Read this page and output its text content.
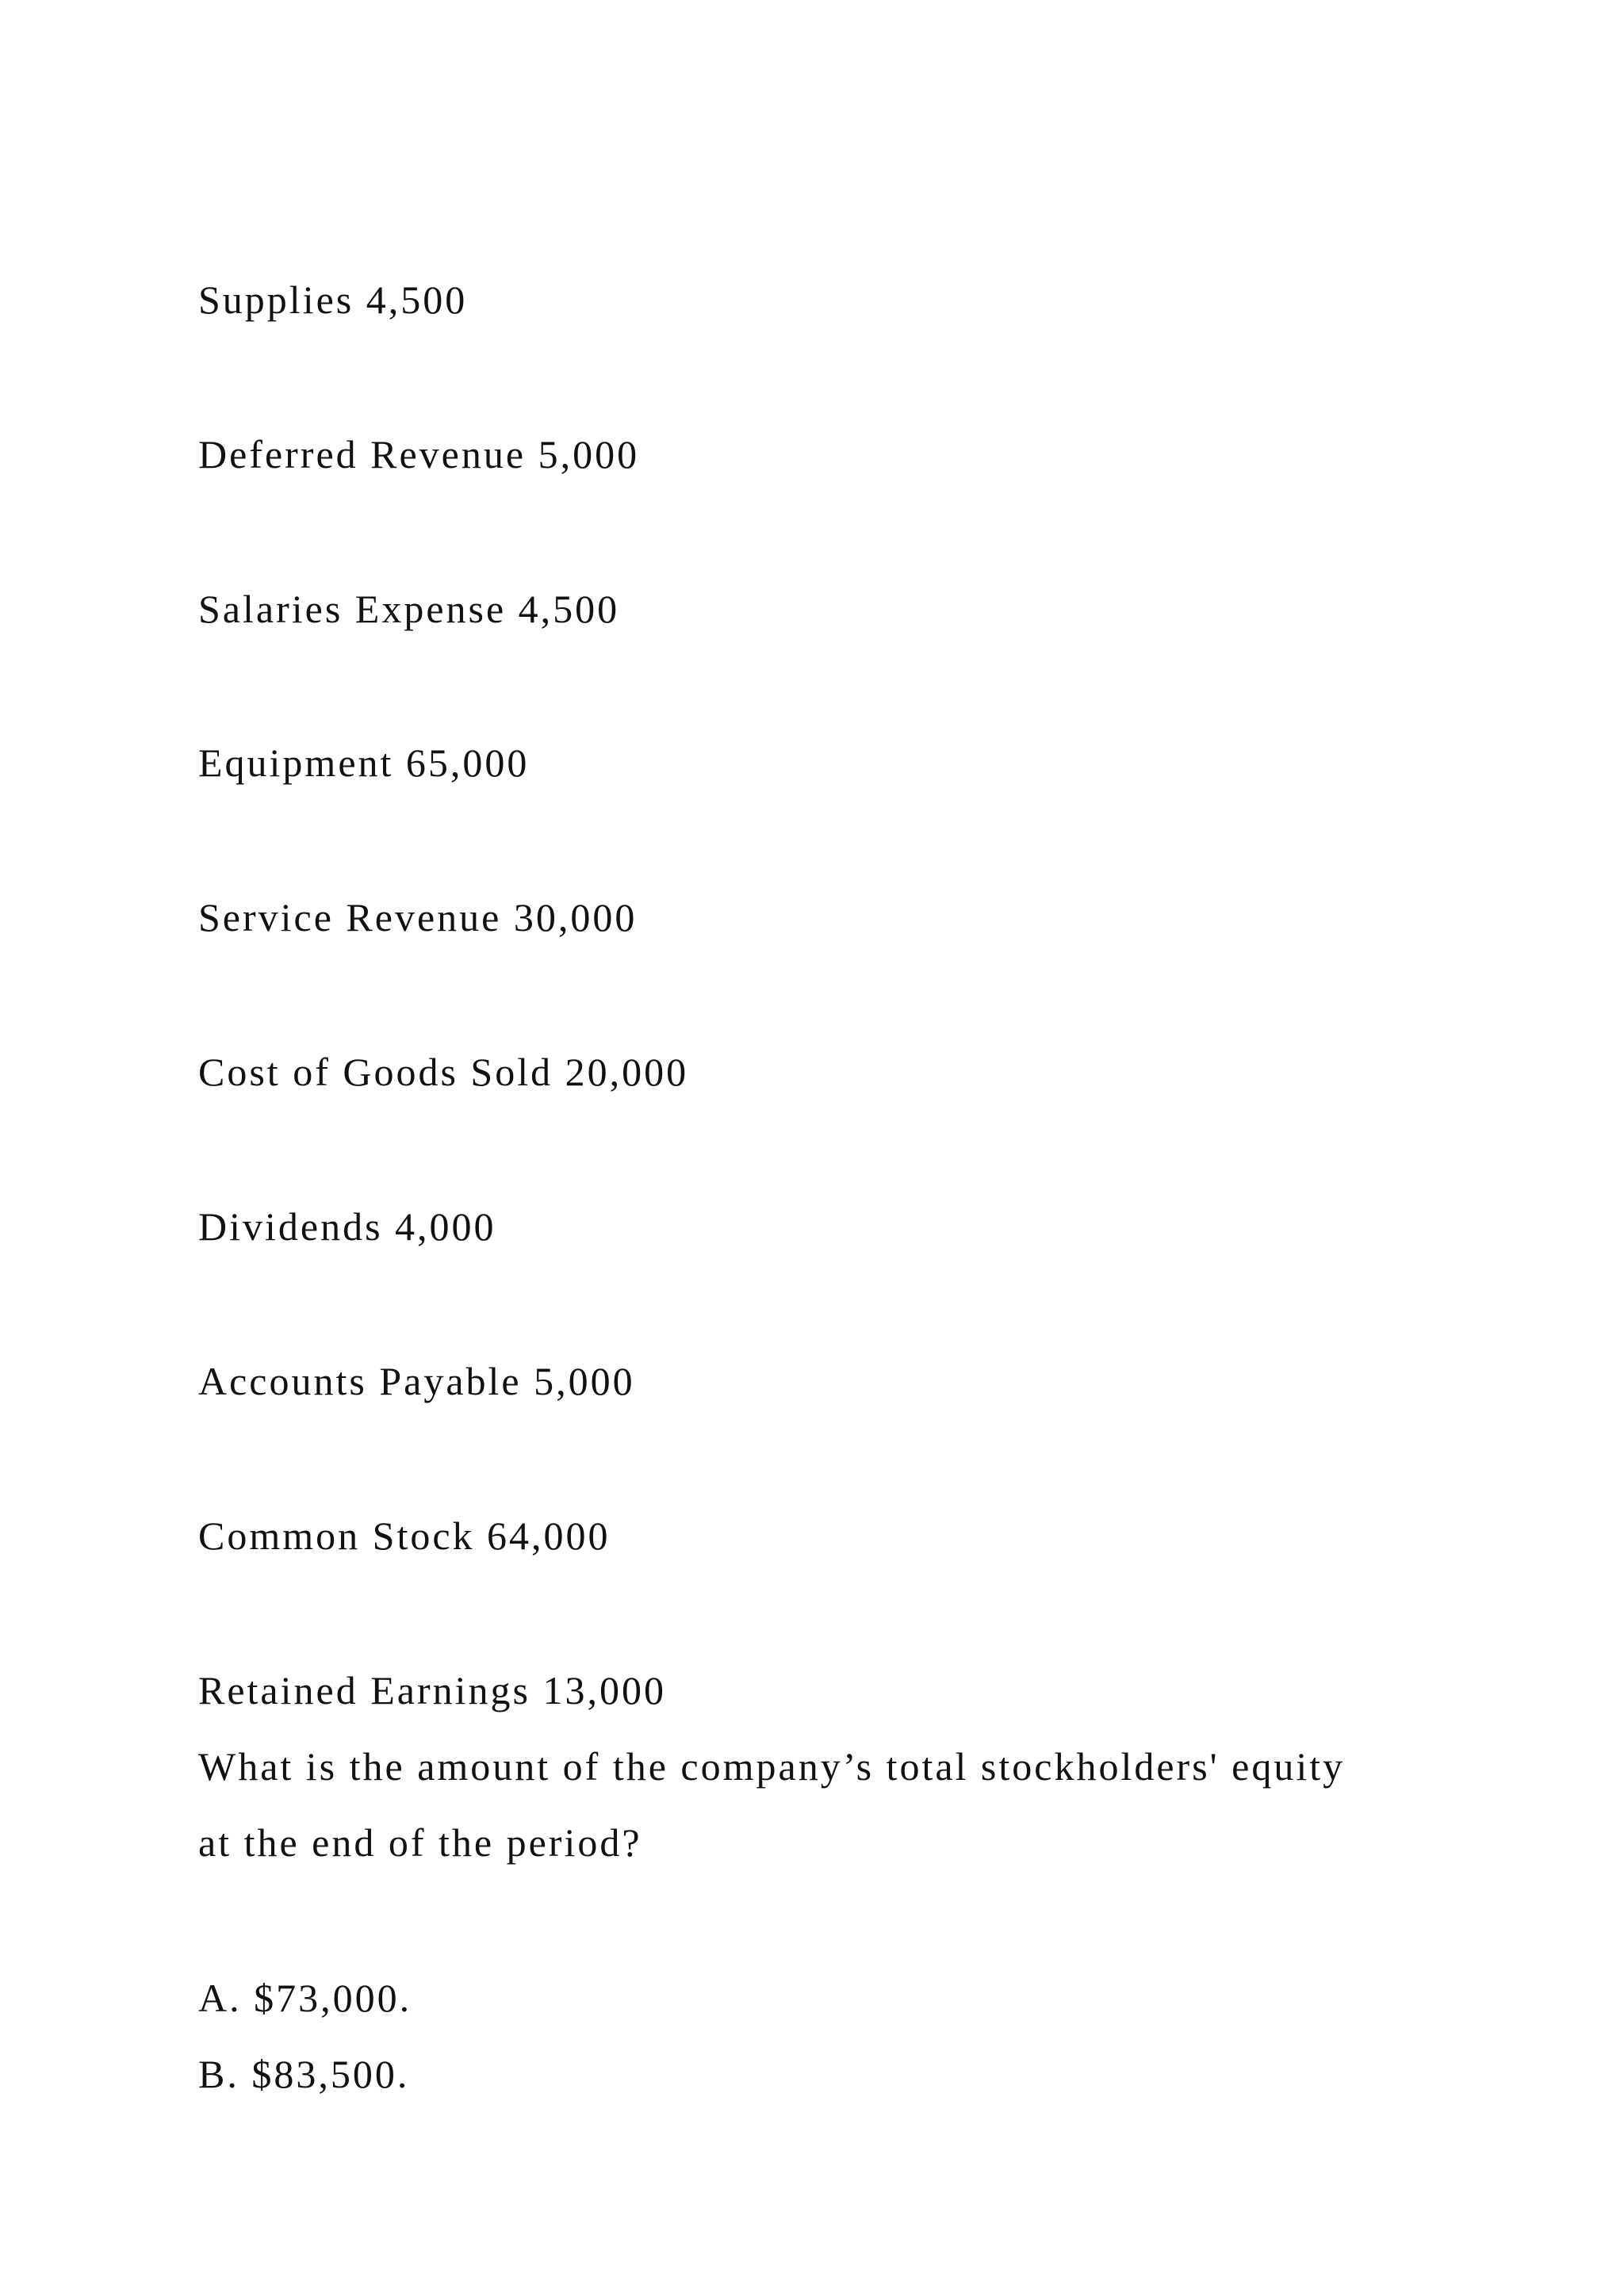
Supplies 4,500
Deferred Revenue 5,000
Salaries Expense 4,500
Equipment 65,000
Service Revenue 30,000
Cost of Goods Sold 20,000
Dividends 4,000
Accounts Payable 5,000
Common Stock 64,000
Retained Earnings 13,000
What is the amount of the company’s total stockholders' equity
at the end of the period?
A. $73,000.
B. $83,500.
